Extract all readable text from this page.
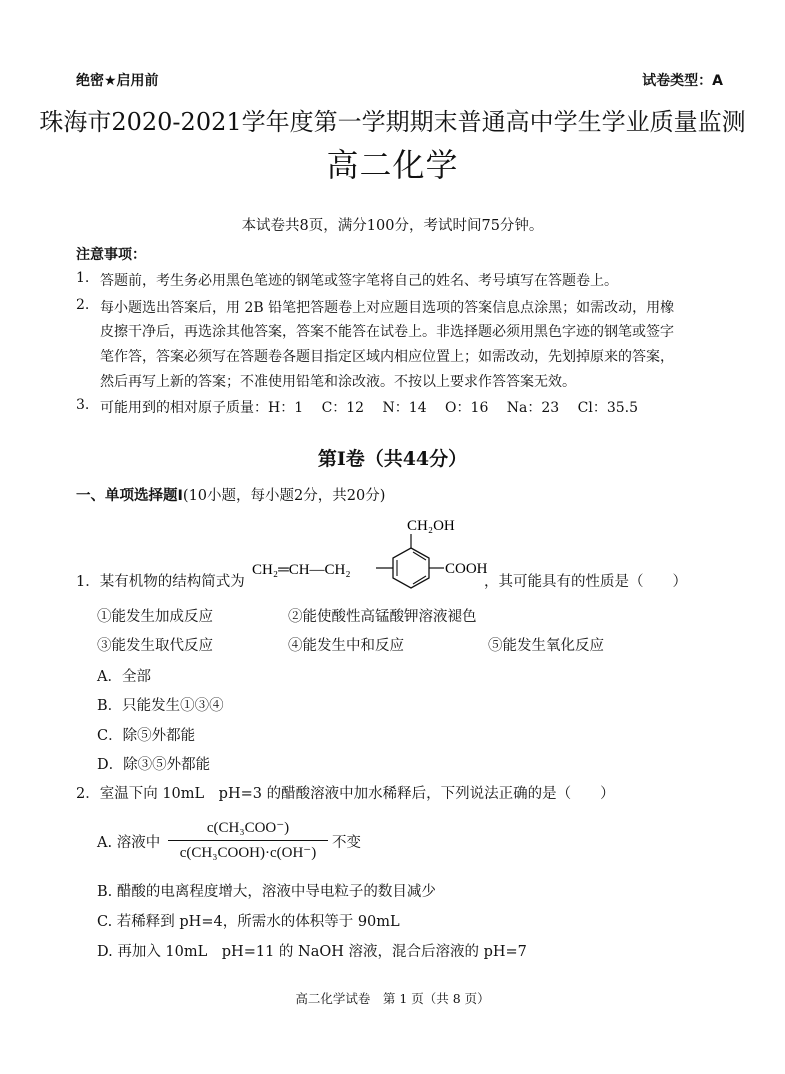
绝密★启用前	试卷类型：A
珠海市2020-2021学年度第一学期期末普通高中学生学业质量监测
高二化学
本试卷共8页，满分100分，考试时间75分钟。
注意事项：
1. 答题前，考生务必用黑色笔迹的钢笔或签字笔将自己的姓名、考号填写在答题卷上。
2. 每小题选出答案后，用 2B 铅笔把答题卷上对应题目选项的答案信息点涂黑；如需改动，用橡
皮擦干净后，再选涂其他答案，答案不能答在试卷上。非选择题必须用黑色字迹的钢笔或签字
笔作答，答案必须写在答题卷各题目指定区域内相应位置上；如需改动，先划掉原来的答案，
然后再写上新的答案；不准使用铅笔和涂改液。不按以上要求作答答案无效。
3. 可能用到的相对原子质量：H：1　 C：12　 N：14　 O：16　 Na：23　 Cl：35.5
第Ⅰ卷（共44分）
一、单项选择题Ⅰ(10小题，每小题2分，共20分)
1．某有机物的结构简式为
CH₂═CH—CH₂
CH₂OH
COOH
，其可能具有的性质是（　　）
①能发生加成反应	②能使酸性高锰酸钾溶液褪色
③能发生取代反应	④能发生中和反应	⑤能发生氧化反应
A．全部
B．只能发生①③④
C．除⑤外都能
D．除③⑤外都能
2．室温下向 10mL　pH=3 的醋酸溶液中加水稀释后，下列说法正确的是（　　）
A. 溶液中
c(CH₃COO⁻)
c(CH₃COOH)·c(OH⁻)
不变
B. 醋酸的电离程度增大，溶液中导电粒子的数目减少
C. 若稀释到 pH=4，所需水的体积等于 90mL
D. 再加入 10mL　pH=11 的 NaOH 溶液，混合后溶液的 pH=7
高二化学试卷　第 1 页（共 8 页）
